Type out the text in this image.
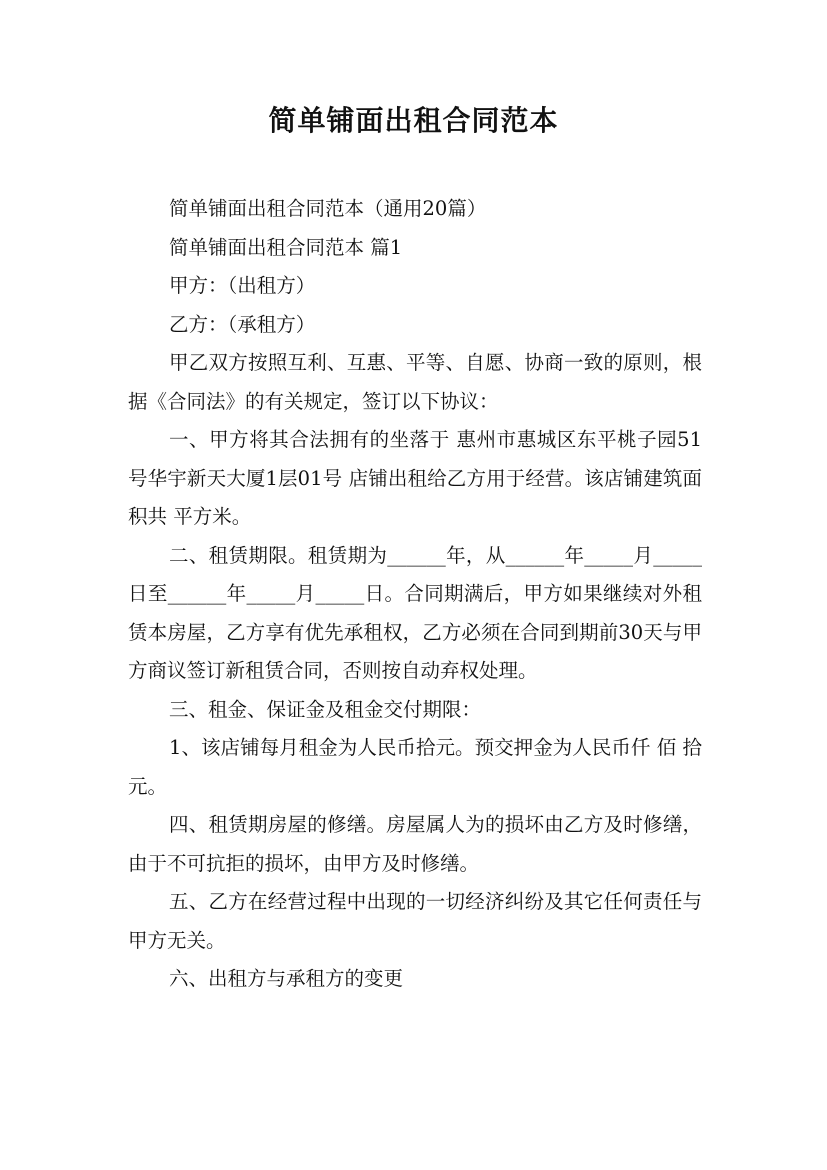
简单铺面出租合同范本

简单铺面出租合同范本（通用20篇）

简单铺面出租合同范本 篇1

甲方：（出租方）

乙方：（承租方）

甲乙双方按照互利、互惠、平等、自愿、协商一致的原则，根据《合同法》的有关规定，签订以下协议：

一、甲方将其合法拥有的坐落于 惠州市惠城区东平桃子园51号华宇新天大厦1层01号 店铺出租给乙方用于经营。该店铺建筑面积共 平方米。

二、租赁期限。租赁期为______年，从______年_____月_____日至______年_____月_____日。合同期满后，甲方如果继续对外租赁本房屋，乙方享有优先承租权，乙方必须在合同到期前30天与甲方商议签订新租赁合同，否则按自动弃权处理。

三、租金、保证金及租金交付期限：

1、该店铺每月租金为人民币拾元。预交押金为人民币仟 佰 拾 元。

四、租赁期房屋的修缮。房屋属人为的损坏由乙方及时修缮，由于不可抗拒的损坏，由甲方及时修缮。

五、乙方在经营过程中出现的一切经济纠纷及其它任何责任与甲方无关。

六、出租方与承租方的变更
